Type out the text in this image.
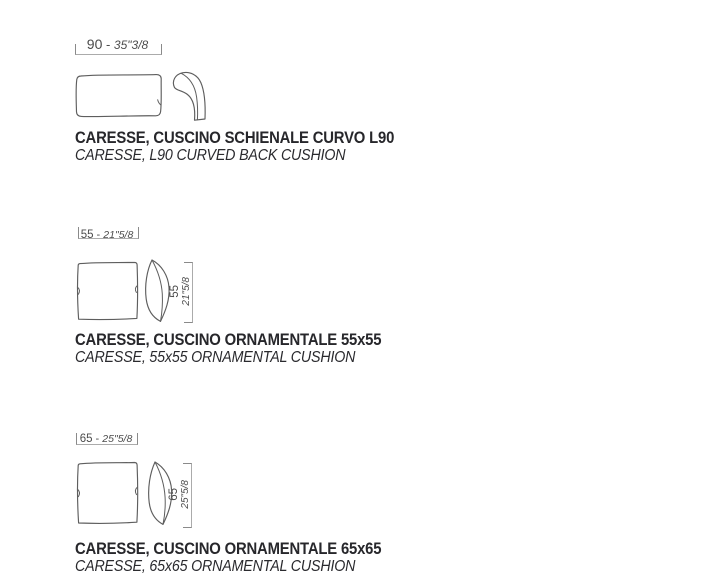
90 - 35"3/8
CARESSE, CUSCINO SCHIENALE CURVO L90
CARESSE, L90 CURVED BACK CUSHION
55 - 21"5/8
55 21"5/8
CARESSE, CUSCINO ORNAMENTALE 55x55
CARESSE, 55x55 ORNAMENTAL CUSHION
65 - 25"5/8
65 25"5/8
CARESSE, CUSCINO ORNAMENTALE 65x65
CARESSE, 65x65 ORNAMENTAL CUSHION
